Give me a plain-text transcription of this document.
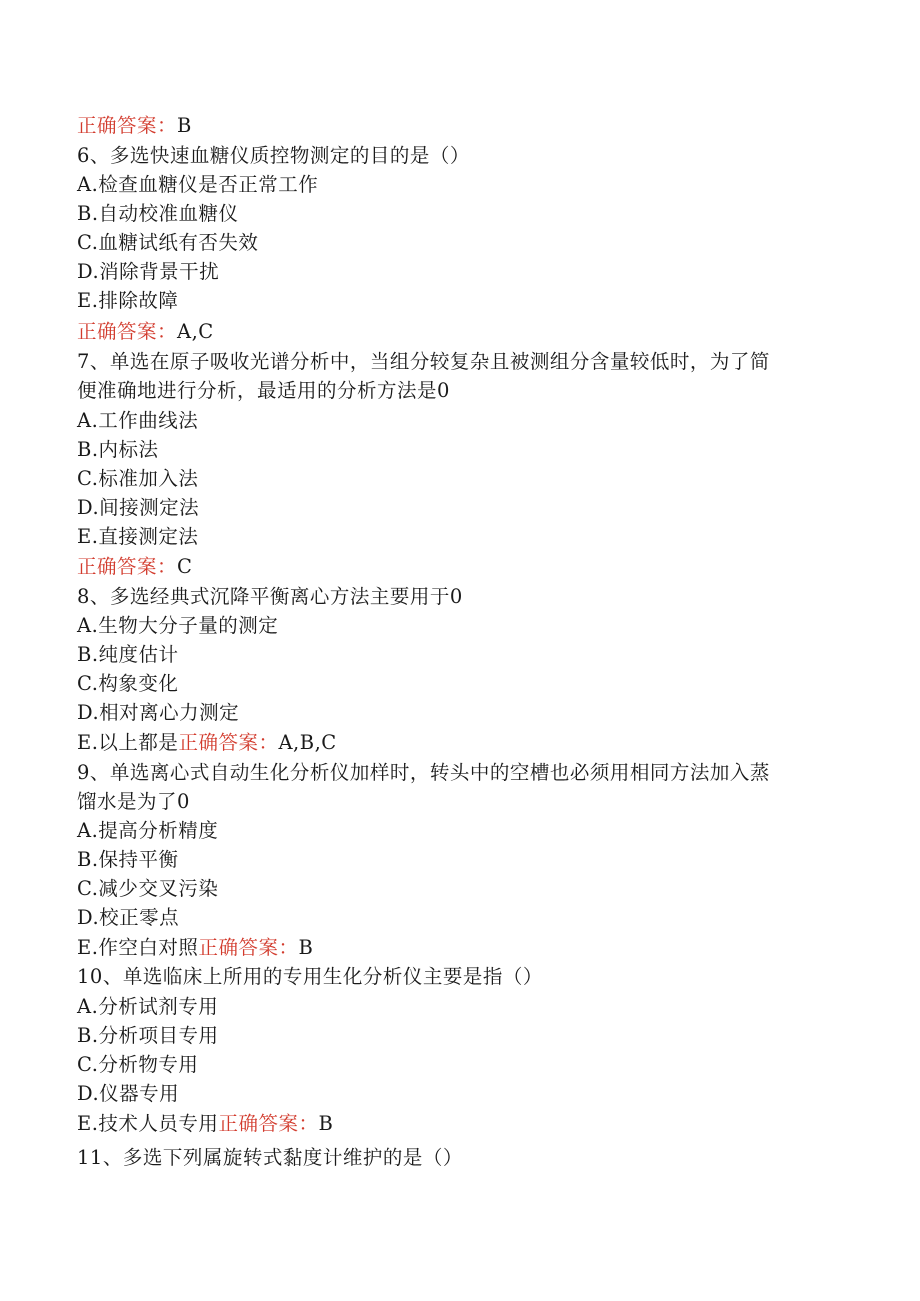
正确答案：B
6、多选快速血糖仪质控物测定的目的是（）
A.检查血糖仪是否正常工作
B.自动校准血糖仪
C.血糖试纸有否失效
D.消除背景干扰
E.排除故障
正确答案：A,C
7、单选在原子吸收光谱分析中，当组分较复杂且被测组分含量较低时，为了简
便准确地进行分析，最适用的分析方法是0
A.工作曲线法
B.内标法
C.标准加入法
D.间接测定法
E.直接测定法
正确答案：C
8、多选经典式沉降平衡离心方法主要用于0
A.生物大分子量的测定
B.纯度估计
C.构象变化
D.相对离心力测定
E.以上都是正确答案：A,B,C
9、单选离心式自动生化分析仪加样时，转头中的空槽也必须用相同方法加入蒸
馏水是为了0
A.提高分析精度
B.保持平衡
C.减少交叉污染
D.校正零点
E.作空白对照正确答案：B
10、单选临床上所用的专用生化分析仪主要是指（）
A.分析试剂专用
B.分析项目专用
C.分析物专用
D.仪器专用
E.技术人员专用正确答案：B
11、多选下列属旋转式黏度计维护的是（）
